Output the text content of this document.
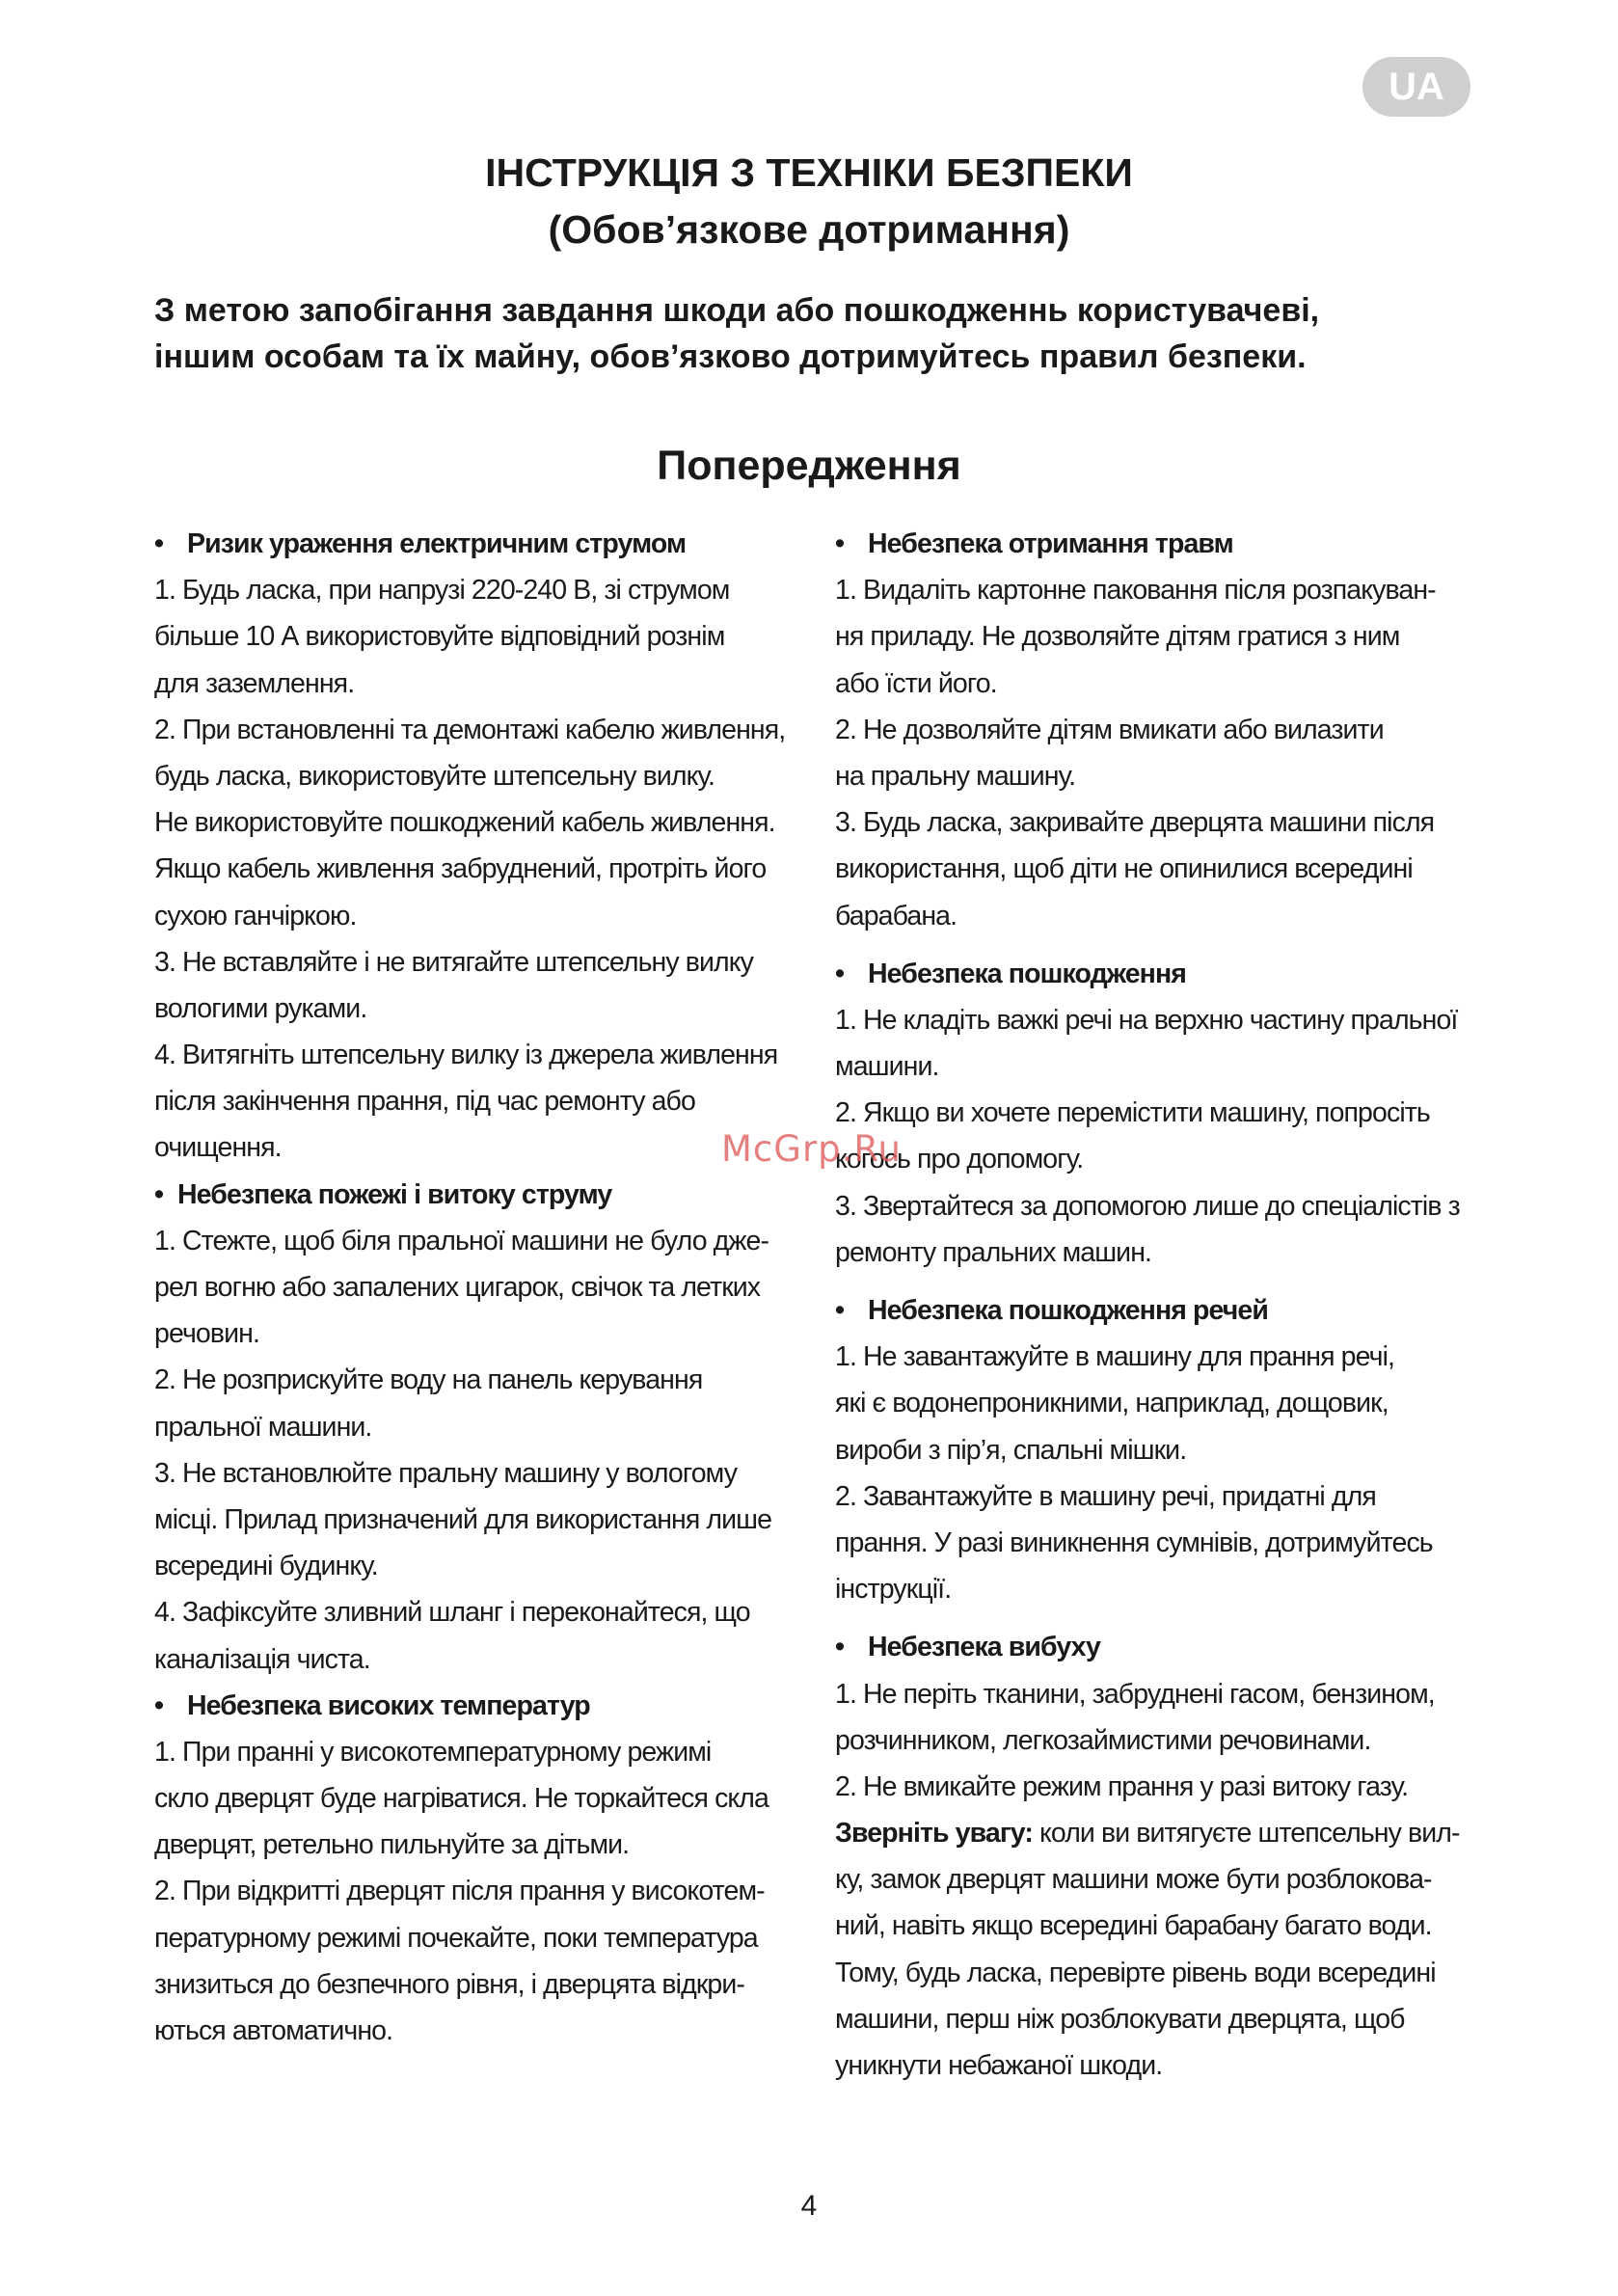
UA
ІНСТРУКЦІЯ З ТЕХНІКИ БЕЗПЕКИ
(Обов’язкове дотримання)
З метою запобігання завдання шкоди або пошкодженнь користувачеві,
іншим особам та їх майну, обов’язково дотримуйтесь правил безпеки.
Попередження
• Ризик ураження електричним струмом
1. Будь ласка, при напрузі 220-240 В, зі струмом
більше 10 А використовуйте відповідний рознім
для заземлення.
2. При встановленні та демонтажі кабелю живлення,
будь ласка, використовуйте штепсельну вилку.
Не використовуйте пошкоджений кабель живлення.
Якщо кабель живлення забруднений, протріть його
сухою ганчіркою.
3. Не вставляйте і не витягайте штепсельну вилку
вологими руками.
4. Витягніть штепсельну вилку із джерела живлення
після закінчення прання, під час ремонту або
очищення.
• Небезпека пожежі і витоку струму
1. Стежте, щоб біля пральної машини не було дже-
рел вогню або запалених цигарок, свічок та летких
речовин.
2. Не розприскуйте воду на панель керування
пральної машини.
3. Не встановлюйте пральну машину у вологому
місці. Прилад призначений для використання лише
всередині будинку.
4. Зафіксуйте зливний шланг і переконайтеся, що
каналізація чиста.
• Небезпека високих температур
1. При пранні у високотемпературному режимі
скло дверцят буде нагріватися. Не торкайтеся скла
дверцят, ретельно пильнуйте за дітьми.
2. При відкритті дверцят після прання у високотем-
пературному режимі почекайте, поки температура
знизиться до безпечного рівня, і дверцята відкри-
ються автоматично.
• Небезпека отримання травм
1. Видаліть картонне паковання після розпакуван-
ня приладу. Не дозволяйте дітям гратися з ним
або їсти його.
2. Не дозволяйте дітям вмикати або вилазити
на пральну машину.
3. Будь ласка, закривайте дверцята машини після
використання, щоб діти не опинилися всередині
барабана.
• Небезпека пошкодження
1. Не кладіть важкі речі на верхню частину пральної
машини.
2. Якщо ви хочете перемістити машину, попросіть
когось про допомогу.
3. Звертайтеся за допомогою лише до спеціалістів з
ремонту пральних машин.
• Небезпека пошкодження речей
1. Не завантажуйте в машину для прання речі,
які є водонепроникними, наприклад, дощовик,
вироби з пір’я, спальні мішки.
2. Завантажуйте в машину речі, придатні для
прання. У разі виникнення сумнівів, дотримуйтесь
інструкції.
• Небезпека вибуху
1. Не періть тканини, забруднені гасом, бензином,
розчинником, легкозаймистими речовинами.
2. Не вмикайте режим прання у разі витоку газу.
Зверніть увагу: коли ви витягуєте штепсельну вил-
ку, замок дверцят машини може бути розблокова-
ний, навіть якщо всередині барабану багато води.
Тому, будь ласка, перевірте рівень води всередині
машини, перш ніж розблокувати дверцята, щоб
уникнути небажаної шкоди.
McGrp.Ru
4
